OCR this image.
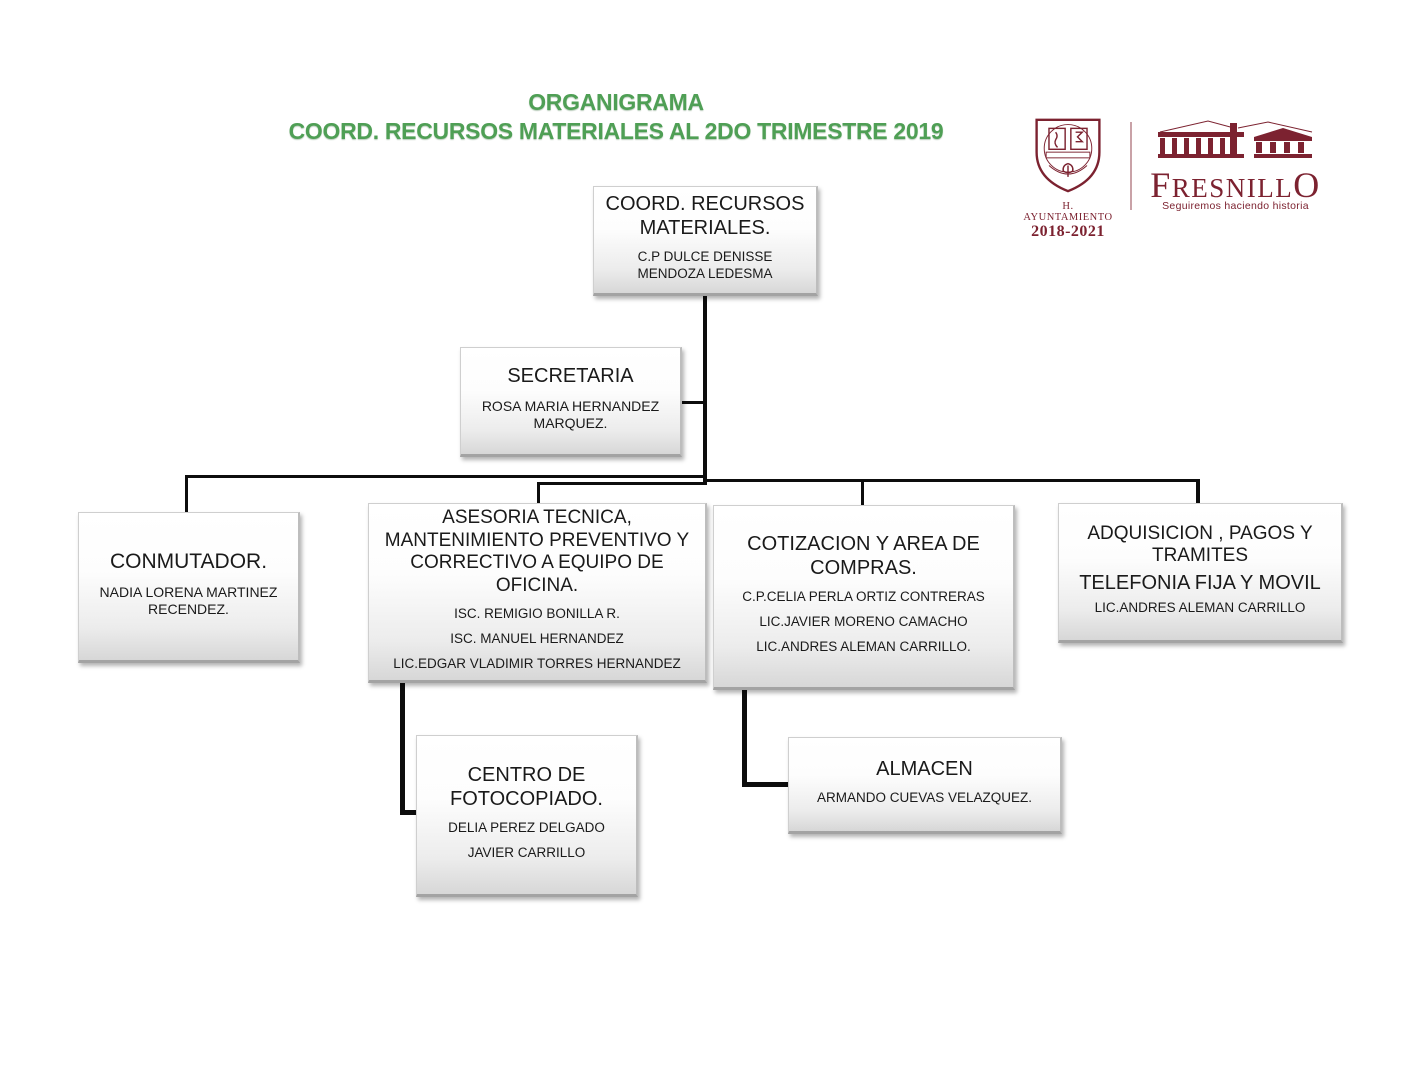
ORGANIGRAMA
COORD. RECURSOS MATERIALES AL 2DO TRIMESTRE 2019
H. AYUNTAMIENTO
2018-2021
FRESNILLO
Seguiremos haciendo historia
COORD. RECURSOS MATERIALES.
C.P DULCE DENISSE MENDOZA LEDESMA
SECRETARIA
ROSA MARIA HERNANDEZ MARQUEZ.
CONMUTADOR.
NADIA LORENA MARTINEZ RECENDEZ.
ASESORIA TECNICA, MANTENIMIENTO PREVENTIVO Y CORRECTIVO A EQUIPO DE OFICINA.
ISC. REMIGIO BONILLA R.
ISC. MANUEL HERNANDEZ
LIC.EDGAR VLADIMIR TORRES HERNANDEZ
COTIZACION Y AREA DE COMPRAS.
C.P.CELIA PERLA ORTIZ CONTRERAS
LIC.JAVIER MORENO CAMACHO
LIC.ANDRES ALEMAN CARRILLO.
ADQUISICION , PAGOS Y TRAMITES
TELEFONIA FIJA Y MOVIL
LIC.ANDRES ALEMAN CARRILLO
CENTRO DE FOTOCOPIADO.
DELIA PEREZ DELGADO
JAVIER CARRILLO
ALMACEN
ARMANDO CUEVAS VELAZQUEZ.
